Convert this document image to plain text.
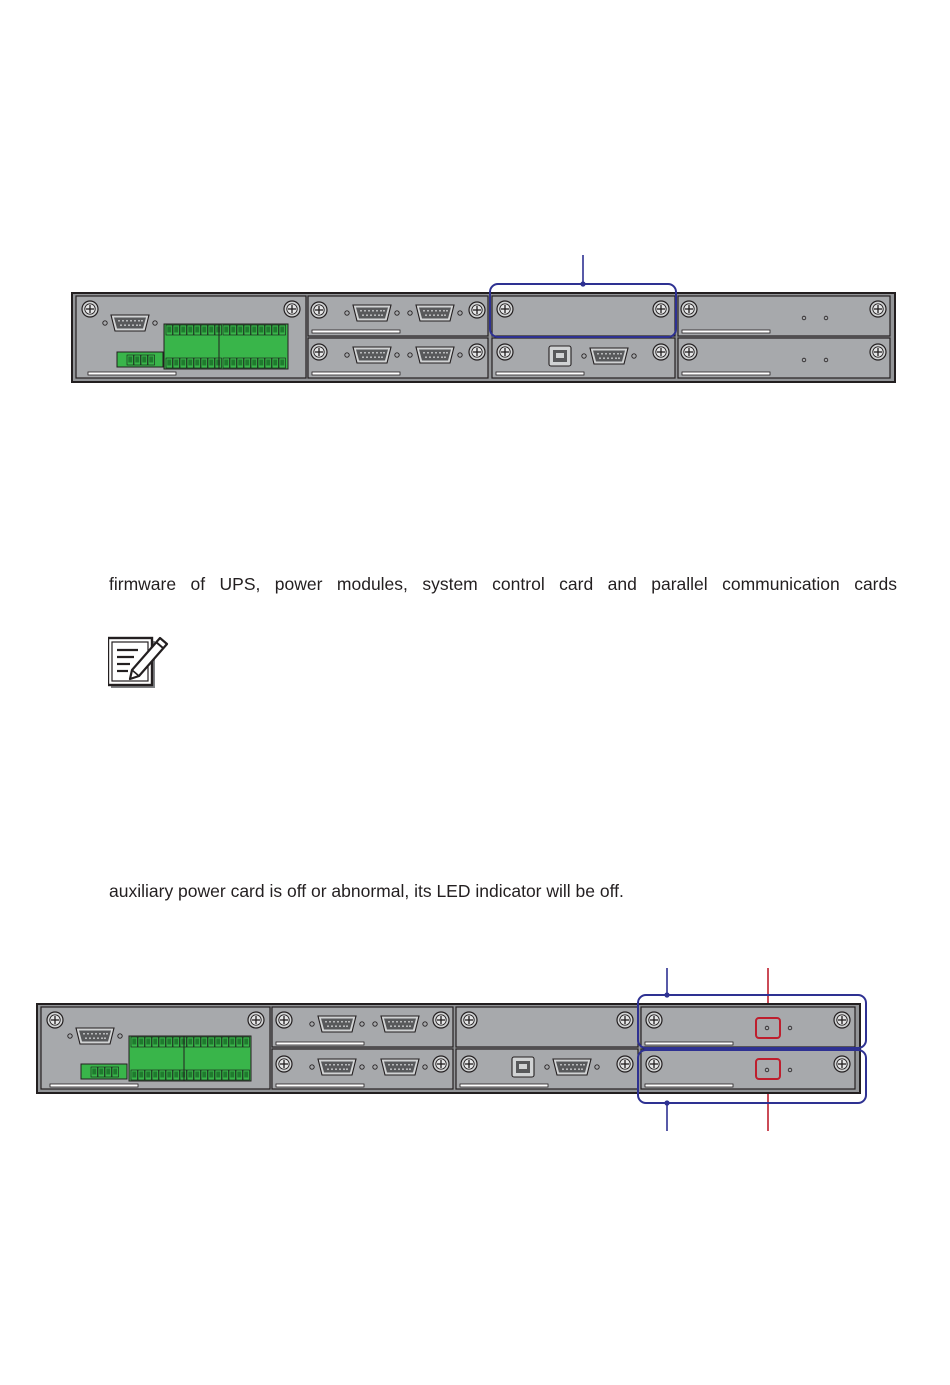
firmware of UPS, power modules, system control card and parallel communication cards
auxiliary power card is off or abnormal, its LED indicator will be off.
